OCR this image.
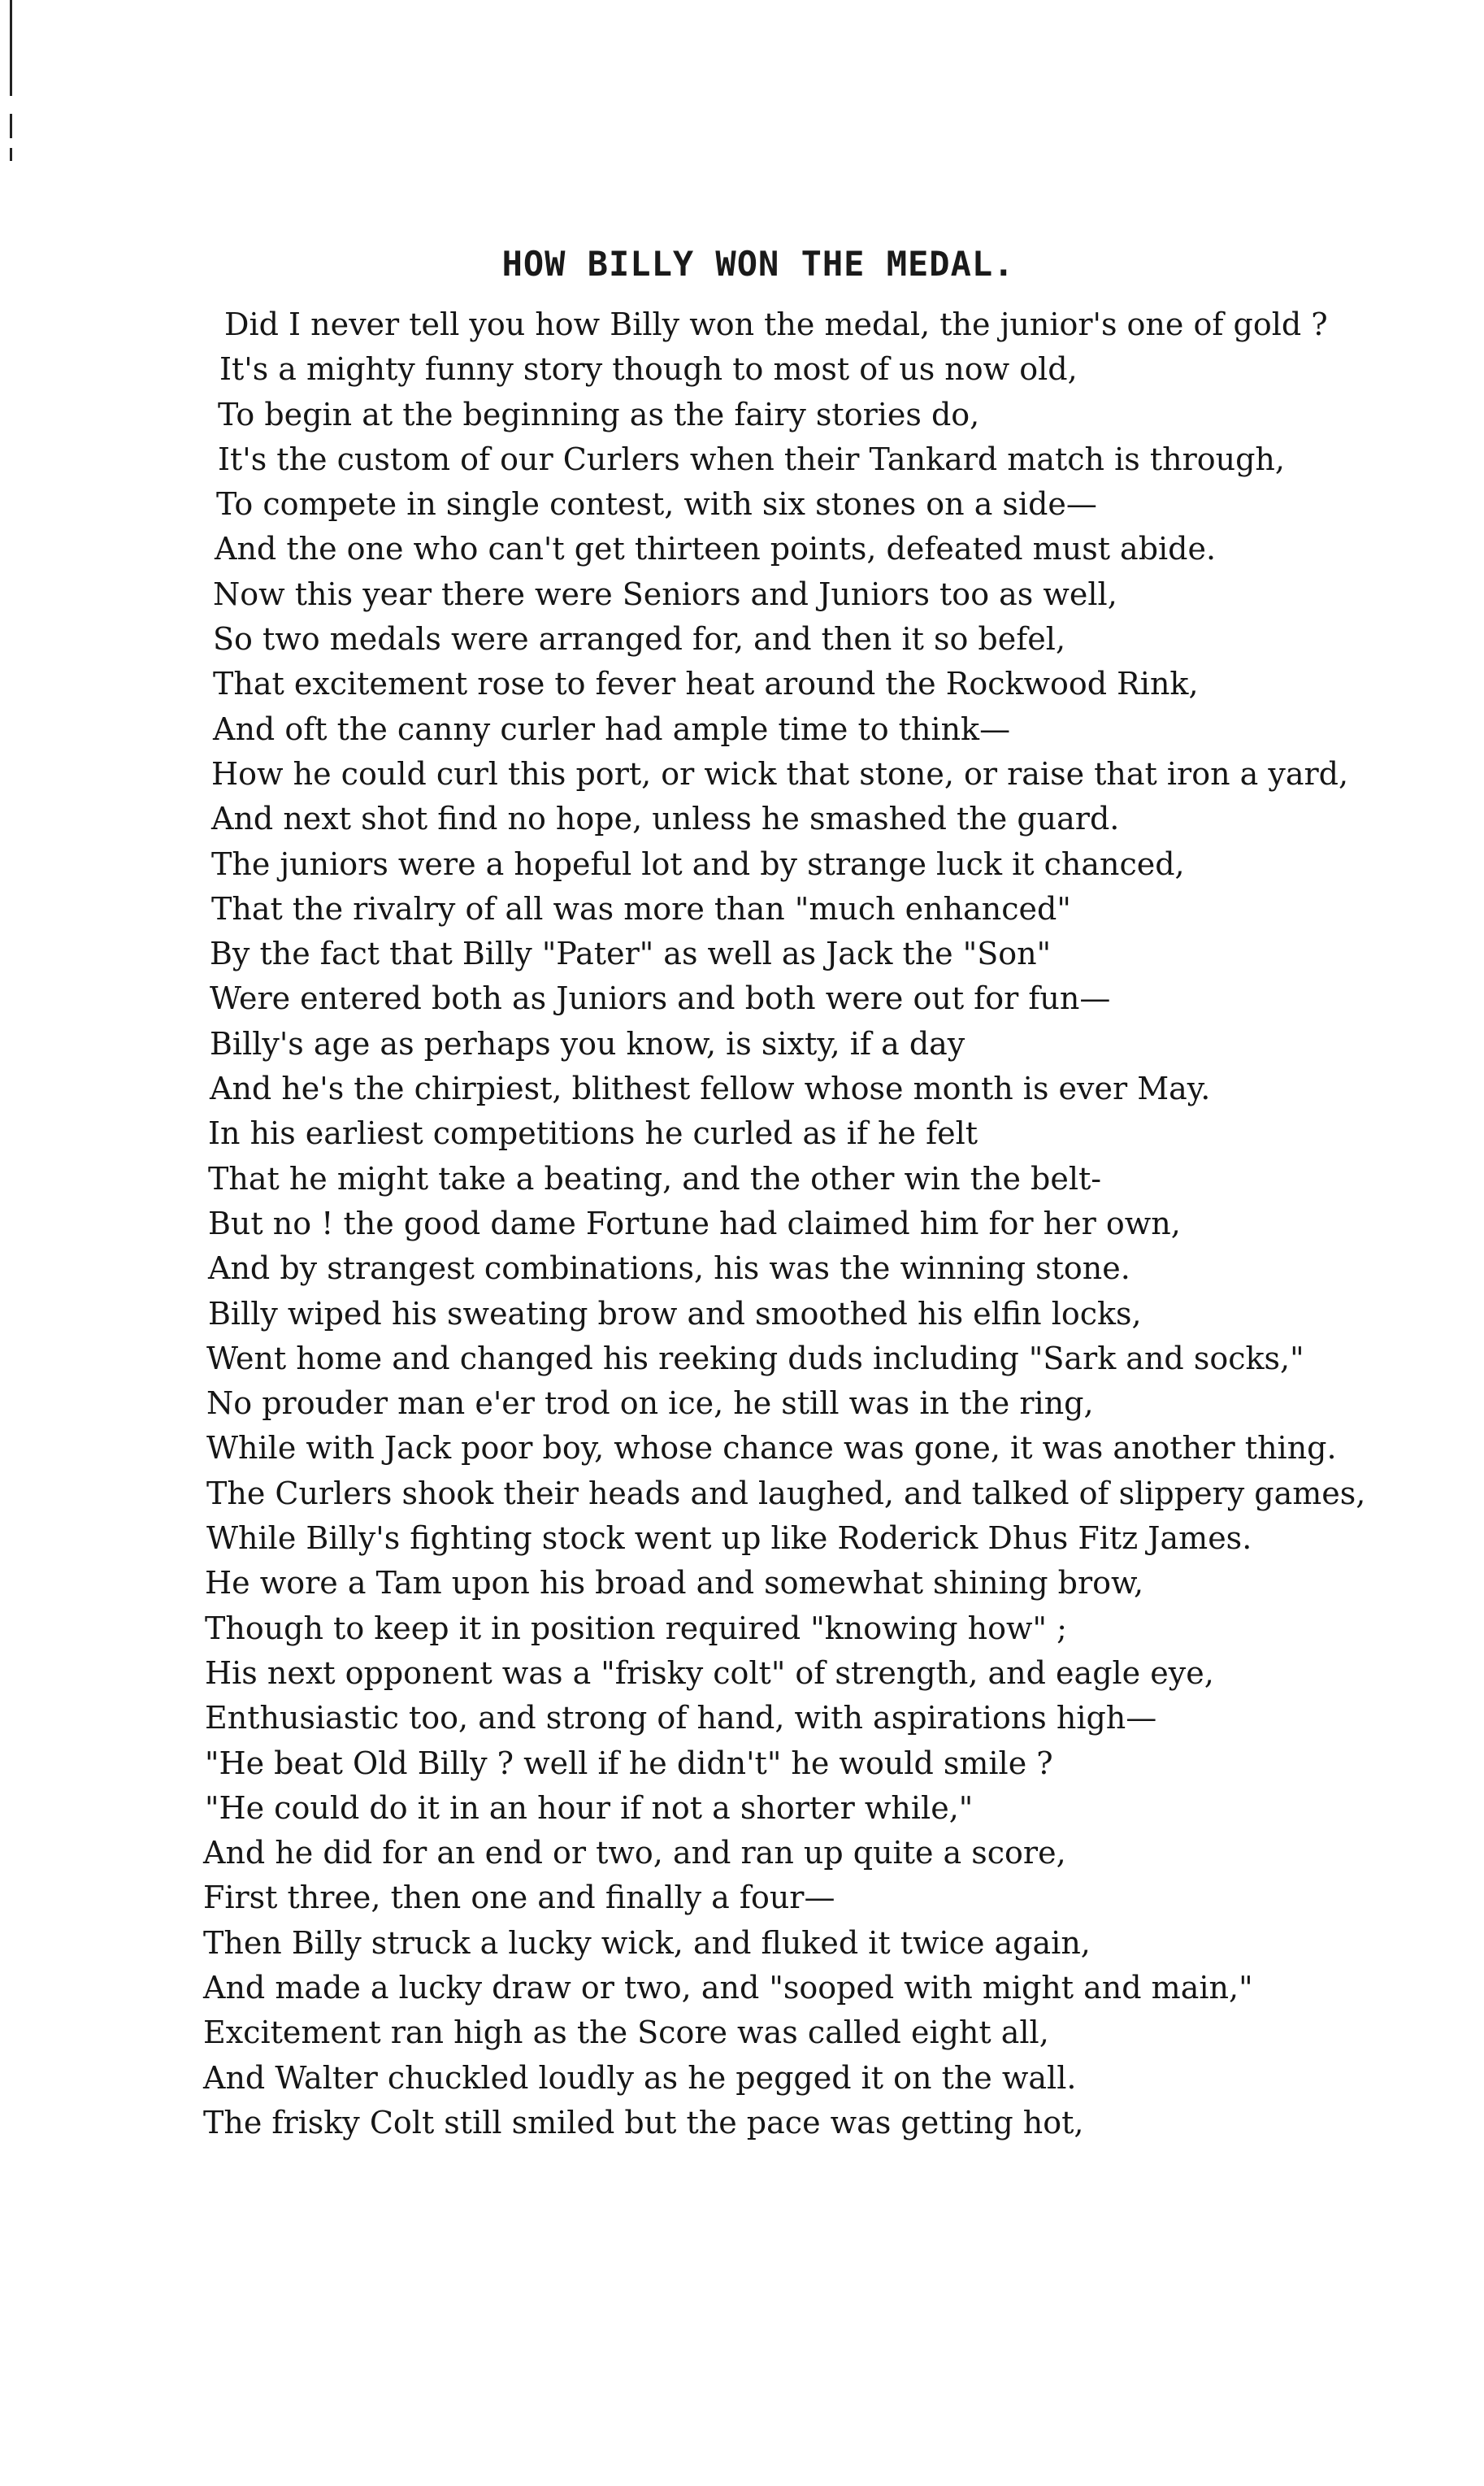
HOW BILLY WON THE MEDAL.
Did I never tell you how Billy won the medal, the junior's one of gold ?
It's a mighty funny story though to most of us now old,
To begin at the beginning as the fairy stories do,
It's the custom of our Curlers when their Tankard match is through,
To compete in single contest, with six stones on a side—
And the one who can't get thirteen points, defeated must abide.
Now this year there were Seniors and Juniors too as well,
So two medals were arranged for, and then it so befel,
That excitement rose to fever heat around the Rockwood Rink,
And oft the canny curler had ample time to think—
How he could curl this port, or wick that stone, or raise that iron a yard,
And next shot find no hope, unless he smashed the guard.
The juniors were a hopeful lot and by strange luck it chanced,
That the rivalry of all was more than "much enhanced"
By the fact that Billy "Pater" as well as Jack the "Son"
Were entered both as Juniors and both were out for fun—
Billy's age as perhaps you know, is sixty, if a day
And he's the chirpiest, blithest fellow whose month is ever May.
In his earliest competitions he curled as if he felt
That he might take a beating, and the other win the belt-
But no ! the good dame Fortune had claimed him for her own,
And by strangest combinations, his was the winning stone.
Billy wiped his sweating brow and smoothed his elfin locks,
Went home and changed his reeking duds including "Sark and socks,"
No prouder man e'er trod on ice, he still was in the ring,
While with Jack poor boy, whose chance was gone, it was another thing.
The Curlers shook their heads and laughed, and talked of slippery games,
While Billy's fighting stock went up like Roderick Dhus Fitz James.
He wore a Tam upon his broad and somewhat shining brow,
Though to keep it in position required "knowing how" ;
His next opponent was a "frisky colt" of strength, and eagle eye,
Enthusiastic too, and strong of hand, with aspirations high—
"He beat Old Billy ? well if he didn't" he would smile ?
"He could do it in an hour if not a shorter while,"
And he did for an end or two, and ran up quite a score,
First three, then one and finally a four—
Then Billy struck a lucky wick, and fluked it twice again,
And made a lucky draw or two, and "sooped with might and main,"
Excitement ran high as the Score was called eight all,
And Walter chuckled loudly as he pegged it on the wall.
The frisky Colt still smiled but the pace was getting hot,
